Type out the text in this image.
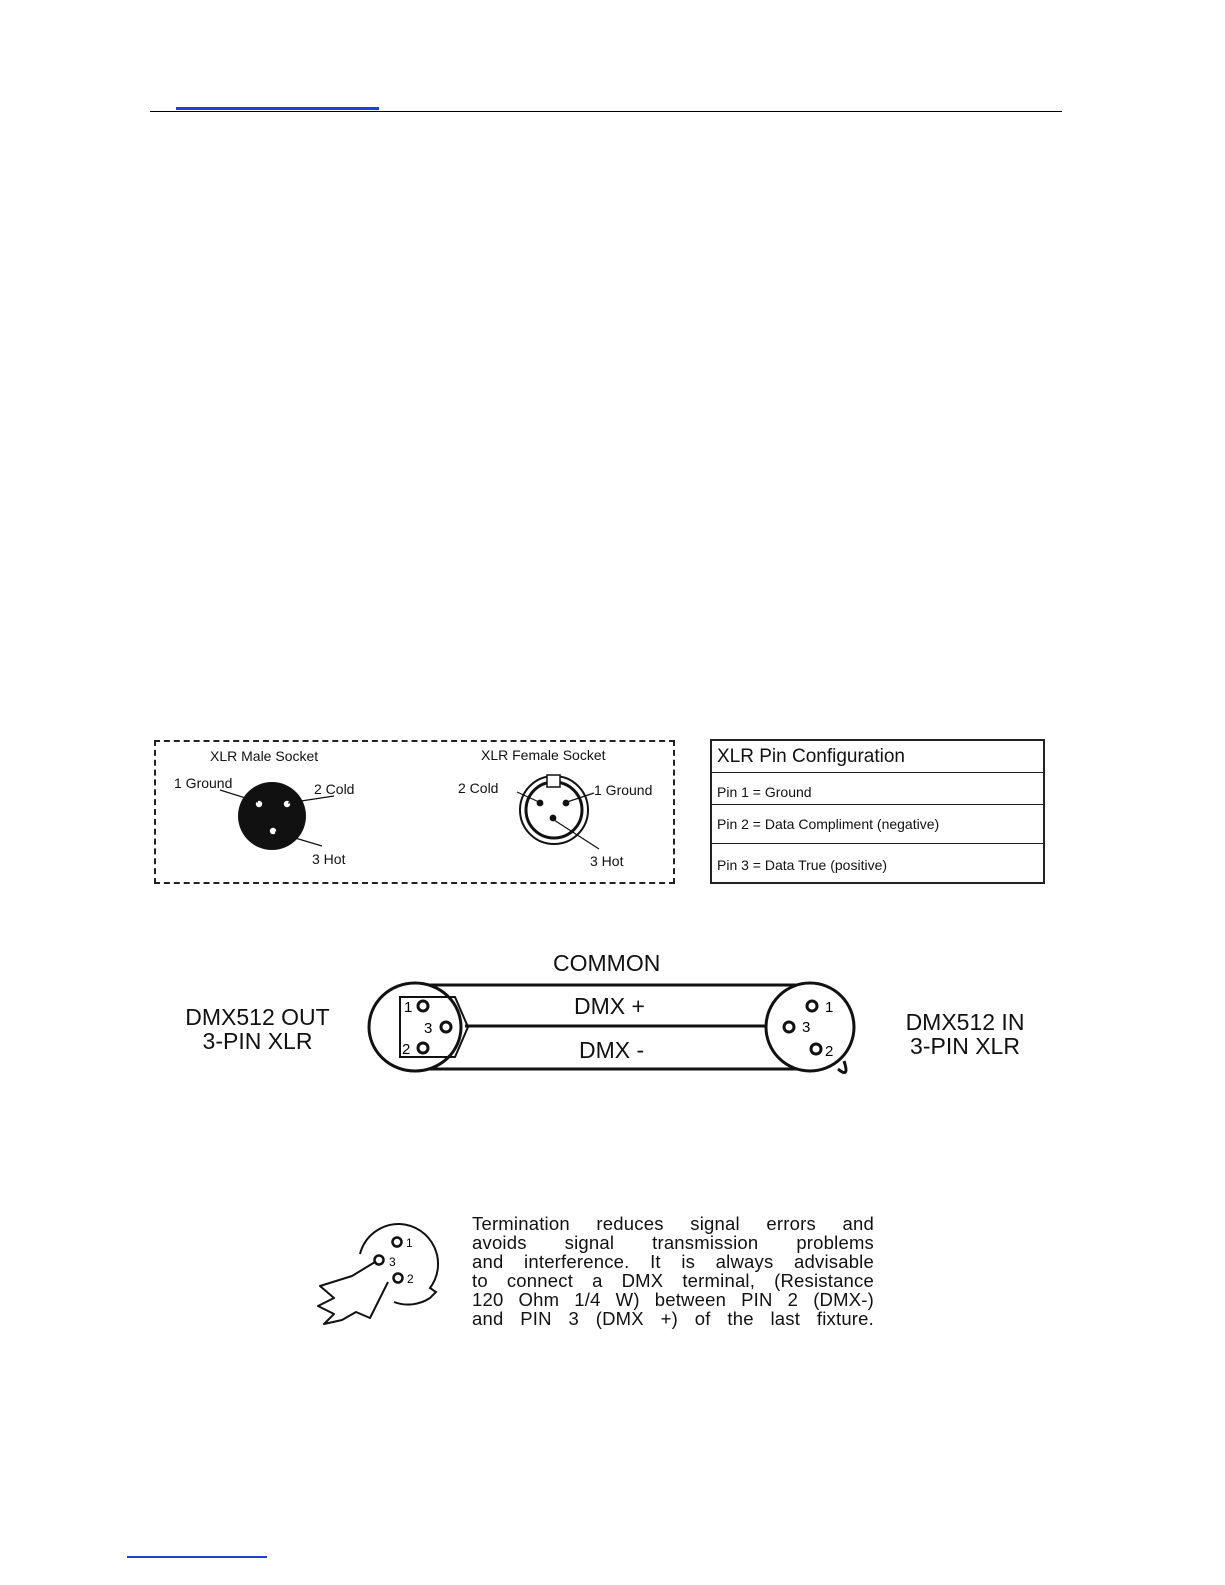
XLR Male Socket
1 Ground	2 Cold
3 Hot
XLR Female Socket
2 Cold	1 Ground
3 Hot
XLR Pin Configuration
Pin 1 = Ground
Pin 2 = Data Compliment (negative)
Pin 3 = Data True (positive)
DMX512 OUT
3-PIN XLR
DMX512 IN
3-PIN XLR
COMMON
DMX +
DMX -
1
3
2
1
3
2
1
3
2
Termination reduces signal errors and
avoids signal transmission problems
and interference. It is always advisable
to connect a DMX terminal, (Resistance
120 Ohm 1/4 W) between PIN 2 (DMX-)
and PIN 3 (DMX +) of the last fixture.
